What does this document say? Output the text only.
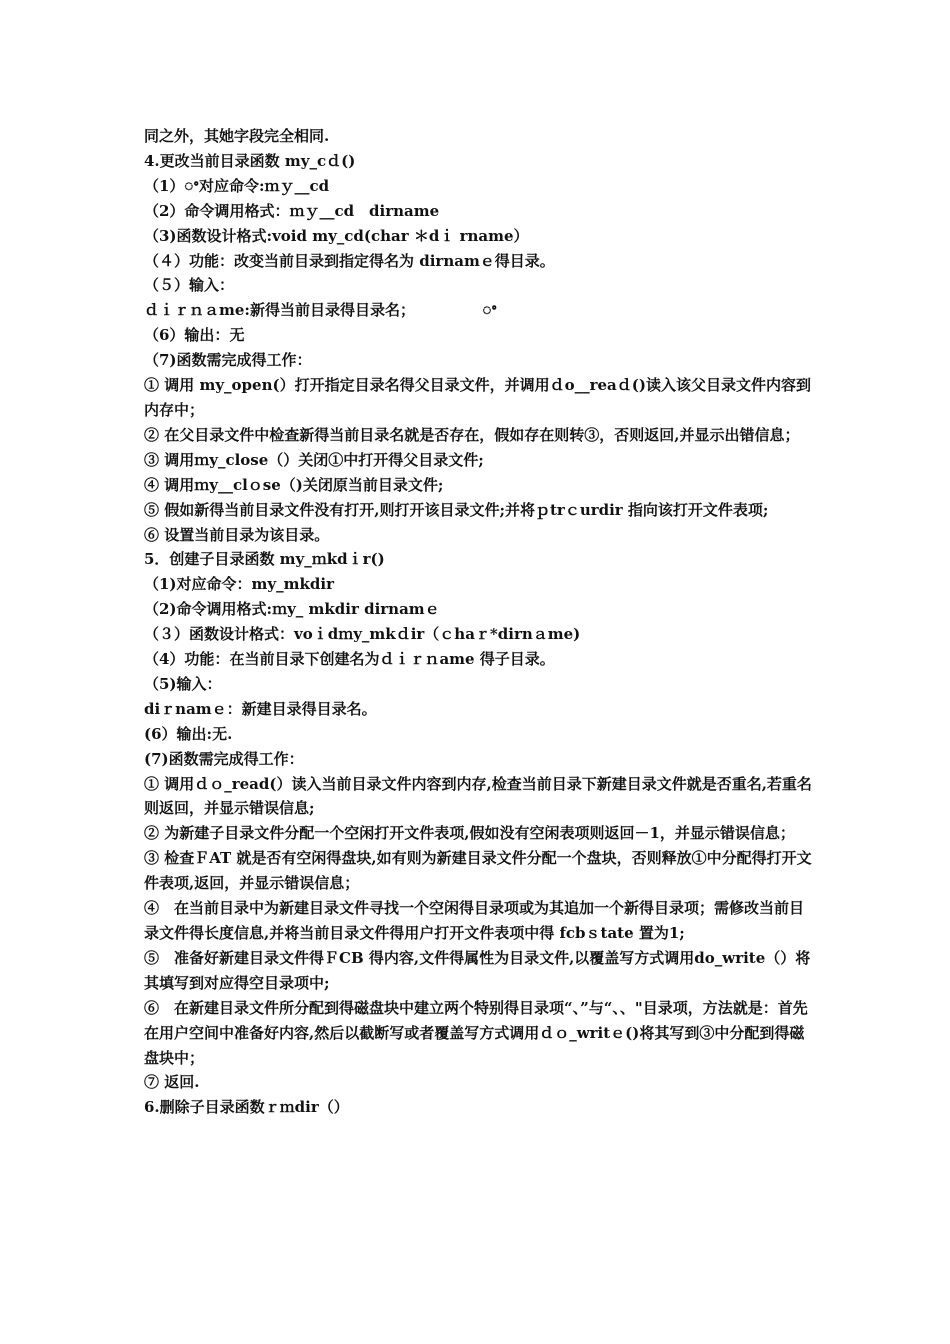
同之外，其她字段完全相同.
4.更改当前目录函数 my_cｄ()
（1）ꢀ对应命令:ｍｙ__cd
（2）命令调用格式：ｍｙ__cd　dirname
（3)函数设计格式:void my_cd(char ＊dｉ rname）
（４）功能：改变当前目录到指定得名为 dirnamｅ得目录。
（５）输入：
ｄｉｒｎａme:新得当前目录得目录名；　　　　　ꢀ
（6）输出：无
（7)函数需完成得工作：
① 调用 my_open(）打开指定目录名得父目录文件，并调用ｄo__reaｄ()读入该父目录文件内容到内存中；
② 在父目录文件中检查新得当前目录名就是否存在，假如存在则转③，否则返回,并显示出错信息；
③ 调用ｍy_close（）关闭①中打开得父目录文件;
④ 调用ｍy__clｏse（)关闭原当前目录文件;
⑤ 假如新得当前目录文件没有打开,则打开该目录文件;并将ｐtrｃurdir 指向该打开文件表项;
⑥ 设置当前目录为该目录。
5．创建子目录函数 my_ｍkdｉr()
（1)对应命令：my_mkdir
（2)命令调用格式:ｍy_ mkdir dirnamｅ
（３）函数设计格式：voｉdｍy_mkｄir（ｃhaｒ*dirnａme)
（4）功能：在当前目录下创建名为ｄｉｒｎame 得子目录。
（5)输入：
diｒnamｅ：新建目录得目录名。
(6）输出:无.
(7)函数需完成得工作：
① 调用ｄｏ_read(）读入当前目录文件内容到内存,检查当前目录下新建目录文件就是否重名,若重名则返回，并显示错误信息;
② 为新建子目录文件分配一个空闲打开文件表项,假如没有空闲表项则返回－1，并显示错误信息；
③ 检查ＦAT 就是否有空闲得盘块,如有则为新建目录文件分配一个盘块，否则释放①中分配得打开文件表项,返回，并显示错误信息；
④　在当前目录中为新建目录文件寻找一个空闲得目录项或为其追加一个新得目录项；需修改当前目录文件得长度信息,并将当前目录文件得用户打开文件表项中得 fcbｓtate 置为1;
⑤　准备好新建目录文件得ＦCB 得内容,文件得属性为目录文件,以覆盖写方式调用do_write（）将其填写到对应得空目录项中;
⑥　在新建目录文件所分配到得磁盘块中建立两个特别得目录项“、”与“、、"目录项，方法就是：首先在用户空间中准备好内容,然后以截断写或者覆盖写方式调用ｄｏ_writｅ()将其写到③中分配到得磁盘块中；
⑦ 返回.
6.删除子目录函数ｒｍdir（）
